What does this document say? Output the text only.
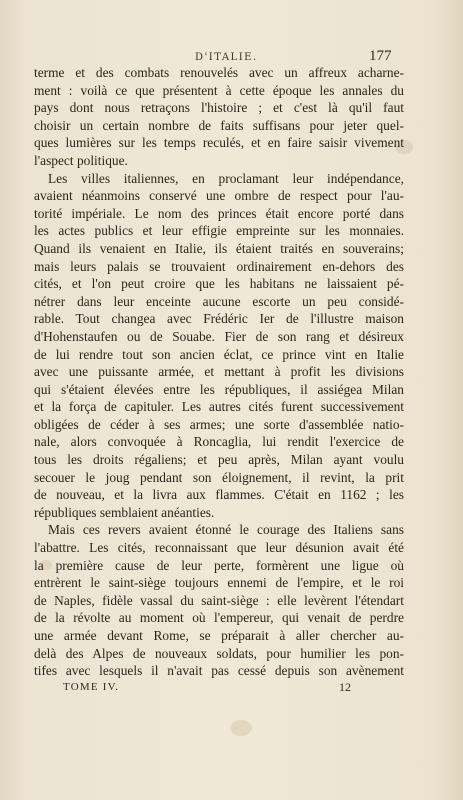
D'ITALIE.	177
terme et des combats renouvelés avec un affreux acharne-
ment : voilà ce que présentent à cette époque les annales du
pays dont nous retraçons l'histoire ; et c'est là qu'il faut
choisir un certain nombre de faits suffisans pour jeter quel-
ques lumières sur les temps reculés, et en faire saisir vivement
l'aspect politique.
Les villes italiennes, en proclamant leur indépendance,
avaient néanmoins conservé une ombre de respect pour l'au-
torité impériale. Le nom des princes était encore porté dans
les actes publics et leur effigie empreinte sur les monnaies.
Quand ils venaient en Italie, ils étaient traités en souverains;
mais leurs palais se trouvaient ordinairement en-dehors des
cités, et l'on peut croire que les habitans ne laissaient pé-
nétrer dans leur enceinte aucune escorte un peu considé-
rable. Tout changea avec Frédéric Ier de l'illustre maison
d'Hohenstaufen ou de Souabe. Fier de son rang et désireux
de lui rendre tout son ancien éclat, ce prince vint en Italie
avec une puissante armée, et mettant à profit les divisions
qui s'étaient élevées entre les républiques, il assiégea Milan
et la força de capituler. Les autres cités furent successivement
obligées de céder à ses armes; une sorte d'assemblée natio-
nale, alors convoquée à Roncaglia, lui rendit l'exercice de
tous les droits régaliens; et peu après, Milan ayant voulu
secouer le joug pendant son éloignement, il revint, la prit
de nouveau, et la livra aux flammes. C'était en 1162 ; les
républiques semblaient anéanties.
Mais ces revers avaient étonné le courage des Italiens sans
l'abattre. Les cités, reconnaissant que leur désunion avait été
la première cause de leur perte, formèrent une ligue où
entrèrent le saint-siège toujours ennemi de l'empire, et le roi
de Naples, fidèle vassal du saint-siège : elle levèrent l'étendart
de la révolte au moment où l'empereur, qui venait de perdre
une armée devant Rome, se préparait à aller chercher au-
delà des Alpes de nouveaux soldats, pour humilier les pon-
tifes avec lesquels il n'avait pas cessé depuis son avènement
TOME IV.	12
